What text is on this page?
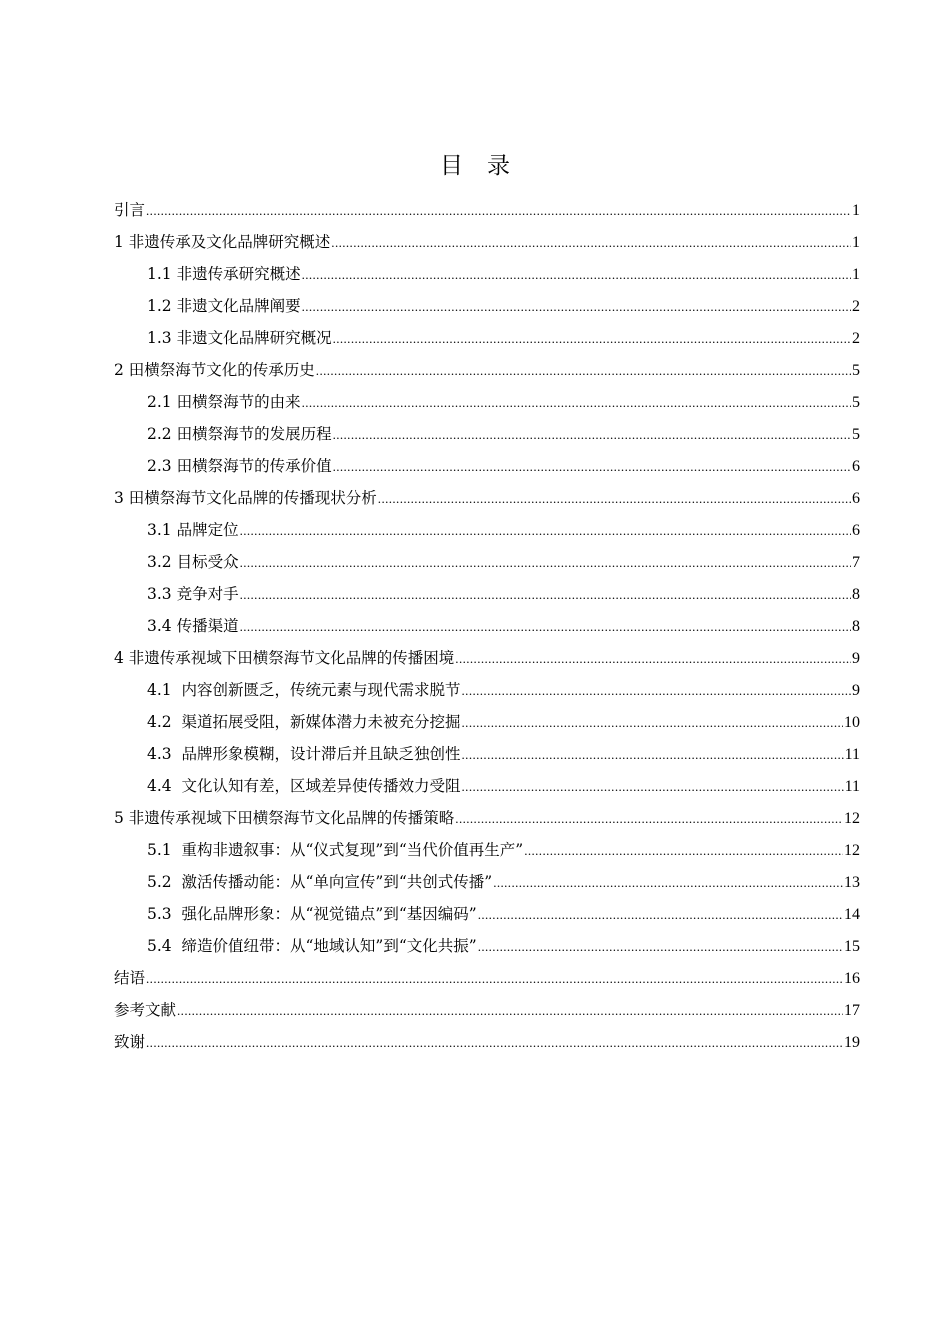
目录
引言 .....	1
1 非遗传承及文化品牌研究概述 .....	1
1.1 非遗传承研究概述 .....	1
1.2 非遗文化品牌阐要 .....	2
1.3 非遗文化品牌研究概况 .....	2
2 田横祭海节文化的传承历史 .....	5
2.1 田横祭海节的由来 .....	5
2.2 田横祭海节的发展历程 .....	5
2.3 田横祭海节的传承价值 .....	6
3 田横祭海节文化品牌的传播现状分析 .....	6
3.1 品牌定位 .....	6
3.2 目标受众 .....	7
3.3 竞争对手 .....	8
3.4 传播渠道 .....	8
4 非遗传承视域下田横祭海节文化品牌的传播困境 .....	9
4.1  内容创新匮乏，传统元素与现代需求脱节 .....	9
4.2  渠道拓展受阻，新媒体潜力未被充分挖掘 .....	10
4.3  品牌形象模糊，设计滞后并且缺乏独创性 .....	11
4.4  文化认知有差，区域差异使传播效力受阻 .....	11
5 非遗传承视域下田横祭海节文化品牌的传播策略 .....	12
5.1  重构非遗叙事：从“仪式复现”到“当代价值再生产” .....	12
5.2  激活传播动能：从“单向宣传”到“共创式传播” .....	13
5.3  强化品牌形象：从“视觉锚点”到“基因编码” .....	14
5.4  缔造价值纽带：从“地域认知”到“文化共振” .....	15
结语 .....	16
参考文献 .....	17
致谢 .....	19
